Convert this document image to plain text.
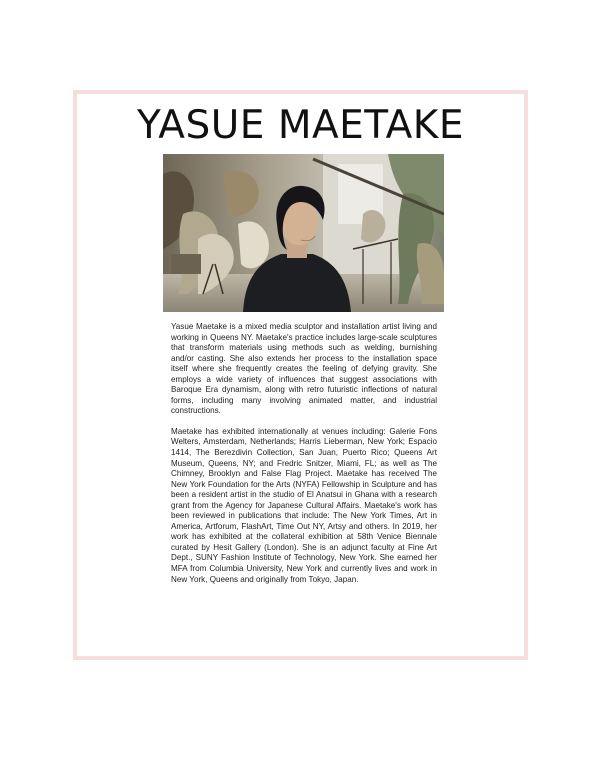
YASUE MAETAKE

Yasue Maetake is a mixed media sculptor and installation artist living and working in Queens NY. Maetake's practice includes large-scale sculptures that transform materials using methods such as welding, burnishing and/or casting. She also extends her process to the installation space itself where she frequently creates the feeling of defying gravity. She employs a wide variety of influences that suggest associations with Baroque Era dynamism, along with retro futuristic inflections of natural forms, including many involving animated matter, and industrial constructions.

Maetake has exhibited internationally at venues including: Galerie Fons Welters, Amsterdam, Netherlands; Harris Lieberman, New York; Espacio 1414, The Berezdivin Collection, San Juan, Puerto Rico; Queens Art Museum, Queens, NY; and Fredric Snitzer, Miami, FL; as well as The Chimney, Brooklyn and False Flag Project. Maetake has received The New York Foundation for the Arts (NYFA) Fellowship in Sculpture and has been a resident artist in the studio of El Anatsui in Ghana with a research grant from the Agency for Japanese Cultural Affairs. Maetake's work has been reviewed in publications that include: The New York Times, Art in America, Artforum, FlashArt, Time Out NY, Artsy and others. In 2019, her work has exhibited at the collateral exhibition at 58th Venice Biennale curated by Hesit Gallery (London). She is an adjunct faculty at Fine Art Dept., SUNY Fashion Institute of Technology, New York. She earned her MFA from Columbia University, New York and currently lives and work in New York, Queens and originally from Tokyo, Japan.
